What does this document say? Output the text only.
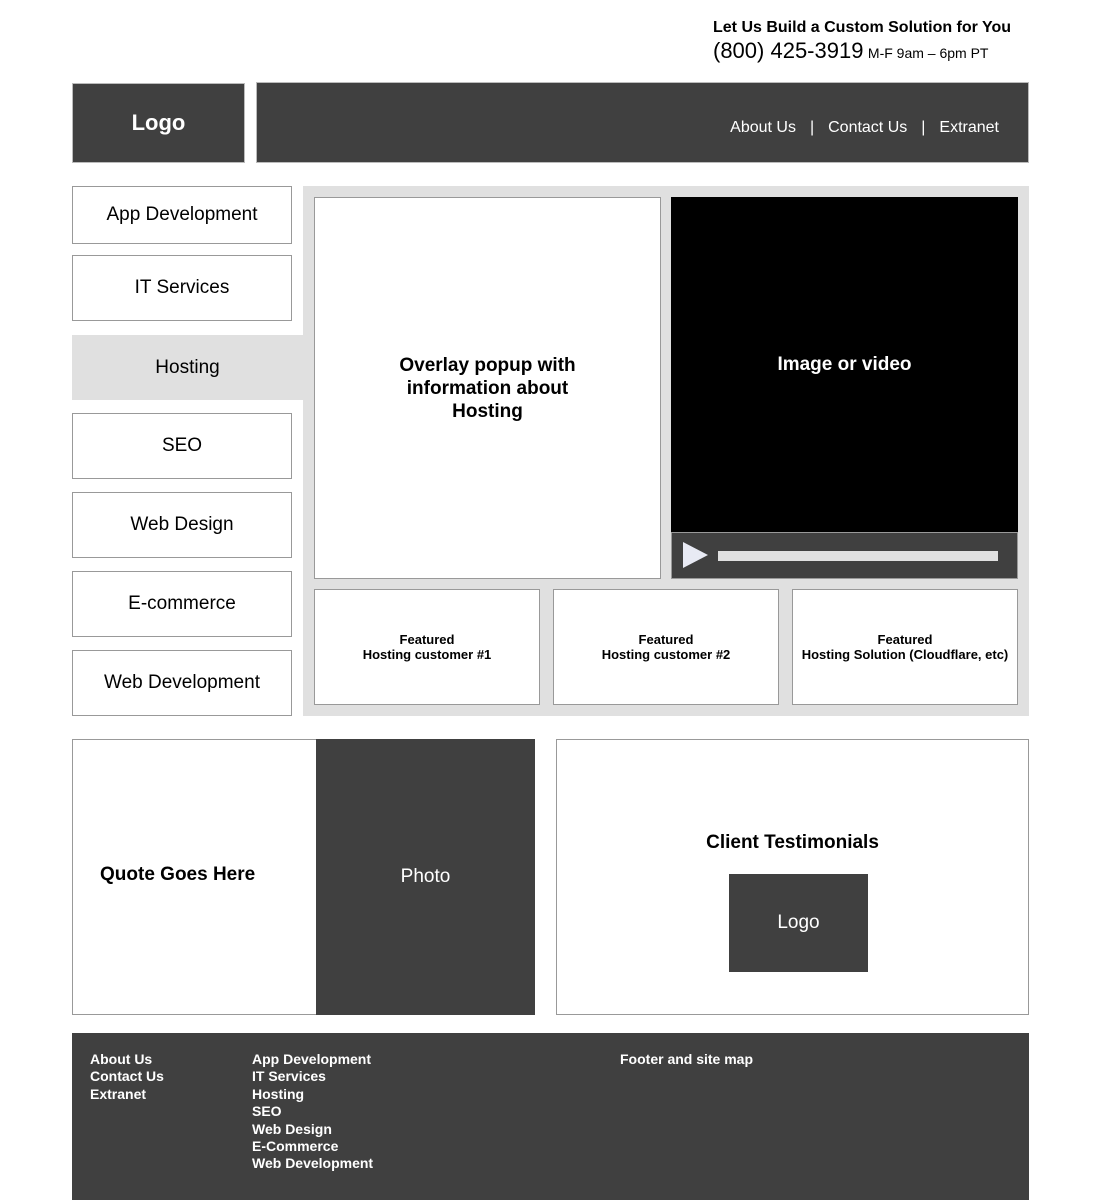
Let Us Build a Custom Solution for You
(800) 425-3919 M-F 9am – 6pm PT
Logo	About Us | Contact Us | Extranet
App Development
IT Services
Hosting
SEO
Web Design
E-commerce
Web Development
Overlay popup with
information about
Hosting
Image or video
Featured
Hosting customer #1
Featured
Hosting customer #2
Featured
Hosting Solution (Cloudflare, etc)
Quote Goes Here	Photo
Client Testimonials
Logo
About Us
Contact Us
Extranet
App Development
IT Services
Hosting
SEO
Web Design
E-Commerce
Web Development
Footer and site map
